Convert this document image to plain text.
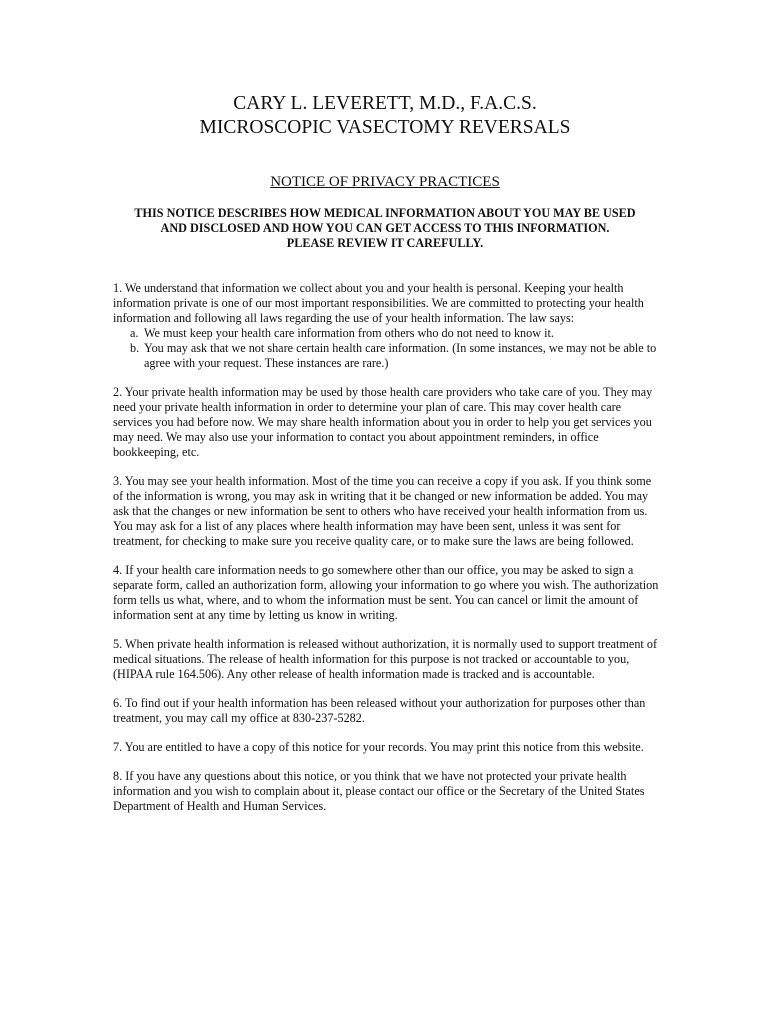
CARY L. LEVERETT, M.D., F.A.C.S.
MICROSCOPIC VASECTOMY REVERSALS
NOTICE OF PRIVACY PRACTICES

THIS NOTICE DESCRIBES HOW MEDICAL INFORMATION ABOUT YOU MAY BE USED
AND DISCLOSED AND HOW YOU CAN GET ACCESS TO THIS INFORMATION.
PLEASE REVIEW IT CAREFULLY.

1. We understand that information we collect about you and your health is personal. Keeping your health information private is one of our most important responsibilities. We are committed to protecting your health information and following all laws regarding the use of your health information. The law says:
a. We must keep your health care information from others who do not need to know it.
b. You may ask that we not share certain health care information. (In some instances, we may not be able to agree with your request. These instances are rare.)

2. Your private health information may be used by those health care providers who take care of you. They may need your private health information in order to determine your plan of care. This may cover health care services you had before now. We may share health information about you in order to help you get services you may need. We may also use your information to contact you about appointment reminders, in office bookkeeping, etc.

3. You may see your health information. Most of the time you can receive a copy if you ask. If you think some of the information is wrong, you may ask in writing that it be changed or new information be added. You may ask that the changes or new information be sent to others who have received your health information from us. You may ask for a list of any places where health information may have been sent, unless it was sent for treatment, for checking to make sure you receive quality care, or to make sure the laws are being followed.

4. If your health care information needs to go somewhere other than our office, you may be asked to sign a separate form, called an authorization form, allowing your information to go where you wish. The authorization form tells us what, where, and to whom the information must be sent. You can cancel or limit the amount of information sent at any time by letting us know in writing.

5. When private health information is released without authorization, it is normally used to support treatment of medical situations. The release of health information for this purpose is not tracked or accountable to you, (HIPAA rule 164.506). Any other release of health information made is tracked and is accountable.

6. To find out if your health information has been released without your authorization for purposes other than treatment, you may call my office at 830-237-5282.

7. You are entitled to have a copy of this notice for your records. You may print this notice from this website.

8. If you have any questions about this notice, or you think that we have not protected your private health information and you wish to complain about it, please contact our office or the Secretary of the United States Department of Health and Human Services.
